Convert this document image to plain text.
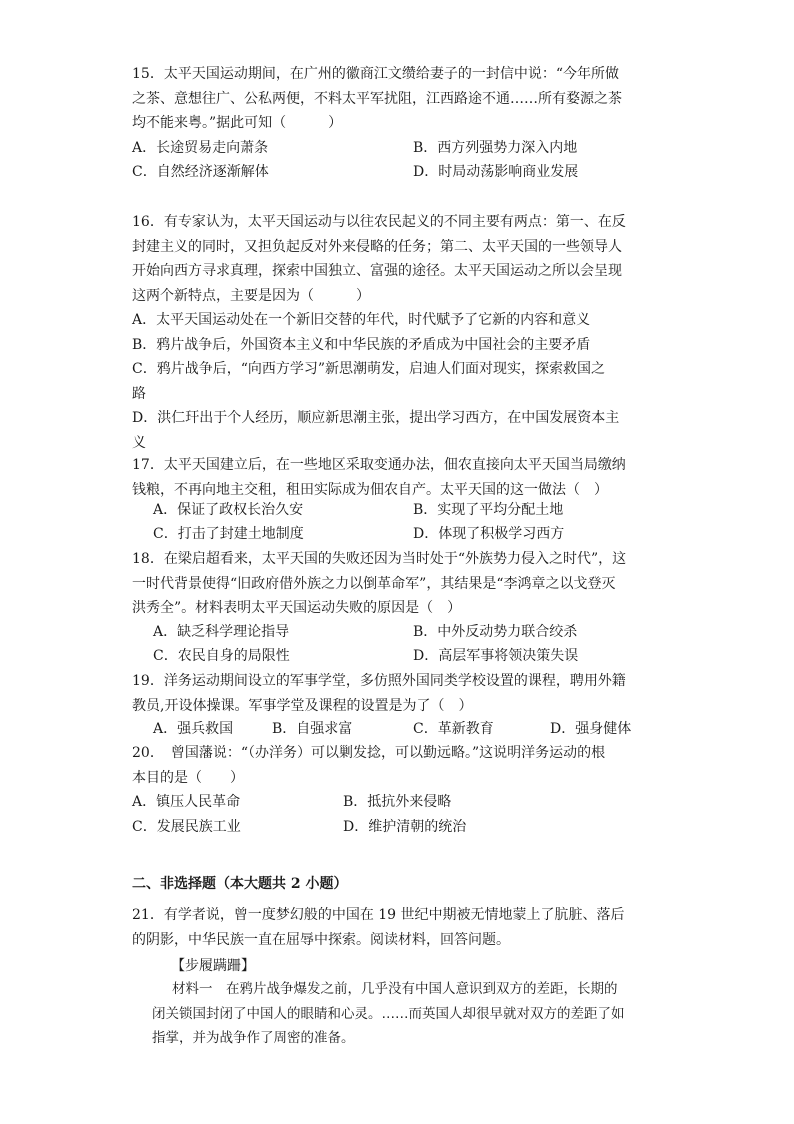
15．太平天国运动期间，在广州的徽商江文缵给妻子的一封信中说：“今年所做
之茶、意想往广、公私两便，不料太平军扰阻，江西路途不通……所有婺源之茶
均不能来粤。”据此可知（　　　）
A．长途贸易走向萧条	B．西方列强势力深入内地
C．自然经济逐渐解体	D．时局动荡影响商业发展
16．有专家认为，太平天国运动与以往农民起义的不同主要有两点：第一、在反
封建主义的同时，又担负起反对外来侵略的任务；第二、太平天国的一些领导人
开始向西方寻求真理，探索中国独立、富强的途径。太平天国运动之所以会呈现
这两个新特点，主要是因为（　　　）
A．太平天国运动处在一个新旧交替的年代，时代赋予了它新的内容和意义
B．鸦片战争后，外国资本主义和中华民族的矛盾成为中国社会的主要矛盾
C．鸦片战争后，“向西方学习”新思潮萌发，启迪人们面对现实，探索救国之
路
D．洪仁玕出于个人经历，顺应新思潮主张，提出学习西方，在中国发展资本主
义
17．太平天国建立后，在一些地区采取变通办法，佃农直接向太平天国当局缴纳
钱粮，不再向地主交租，租田实际成为佃农自产。太平天国的这一做法（　）
A．保证了政权长治久安	B．实现了平均分配土地
C．打击了封建土地制度	D．体现了积极学习西方
18．在梁启超看来，太平天国的失败还因为当时处于“外族势力侵入之时代”，这
一时代背景使得“旧政府借外族之力以倒革命军”，其结果是“李鸿章之以戈登灭
洪秀全”。材料表明太平天国运动失败的原因是（　）
A．缺乏科学理论指导	B．中外反动势力联合绞杀
C．农民自身的局限性	D．高层军事将领决策失误
19．洋务运动期间设立的军事学堂，多仿照外国同类学校设置的课程，聘用外籍
教员,开设体操课。军事学堂及课程的设置是为了（　）
A．强兵救国	B．自强求富	C．革新教育	D．强身健体
20．　曾国藩说：“（办洋务）可以剿发捻，可以勤远略。”这说明洋务运动的根
本目的是（　　）
A．镇压人民革命	B．抵抗外来侵略
C．发展民族工业	D．维护清朝的统治
二、非选择题（本大题共 2 小题）
21．有学者说，曾一度梦幻般的中国在 19 世纪中期被无情地蒙上了肮脏、落后
的阴影，中华民族一直在屈辱中探索。阅读材料，回答问题。
【步履蹒跚】
材料一　在鸦片战争爆发之前，几乎没有中国人意识到双方的差距，长期的
闭关锁国封闭了中国人的眼睛和心灵。……而英国人却很早就对双方的差距了如
指掌，并为战争作了周密的准备。
